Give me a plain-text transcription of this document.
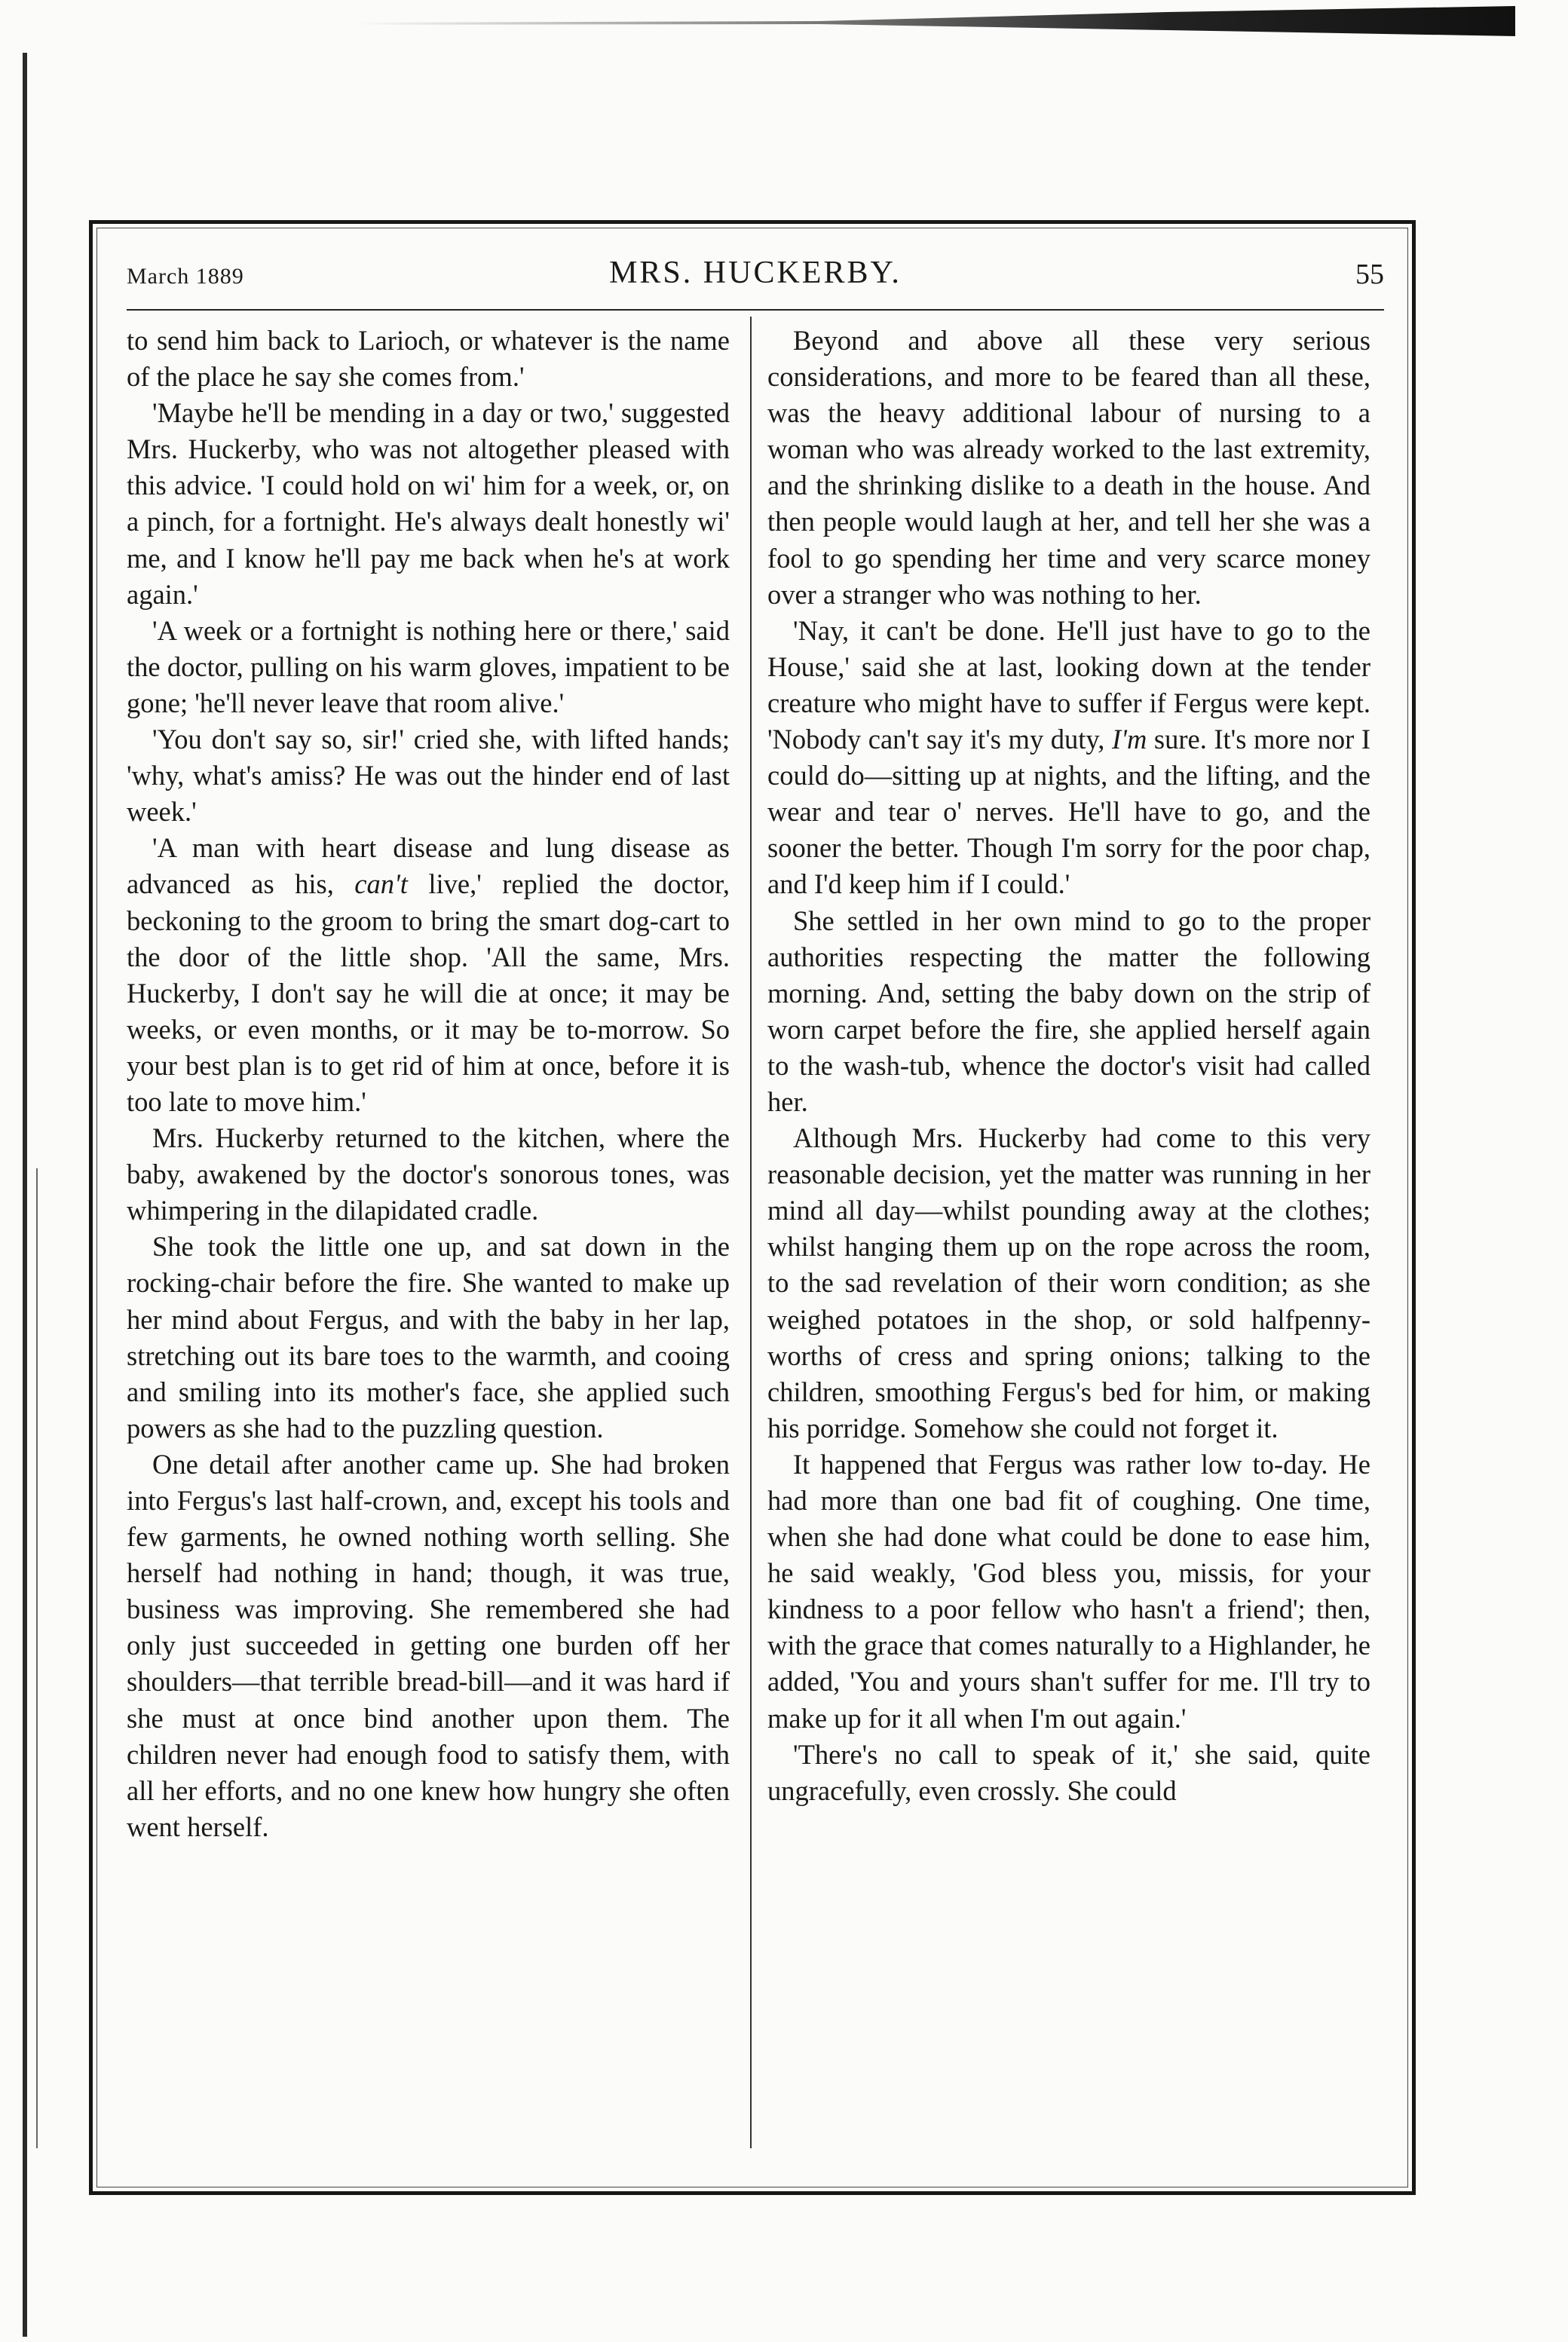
March 1889	MRS. HUCKERBY.	55

to send him back to Larioch, or whatever is the name of the place he say she comes from.'

'Maybe he'll be mending in a day or two,' suggested Mrs. Huckerby, who was not altogether pleased with this advice. 'I could hold on wi' him for a week, or, on a pinch, for a fortnight. He's always dealt honestly wi' me, and I know he'll pay me back when he's at work again.'

'A week or a fortnight is nothing here or there,' said the doctor, pulling on his warm gloves, impatient to be gone; 'he'll never leave that room alive.'

'You don't say so, sir!' cried she, with lifted hands; 'why, what's amiss? He was out the hinder end of last week.'

'A man with heart disease and lung disease as advanced as his, can't live,' replied the doctor, beckoning to the groom to bring the smart dog-cart to the door of the little shop. 'All the same, Mrs. Huckerby, I don't say he will die at once; it may be weeks, or even months, or it may be to-morrow. So your best plan is to get rid of him at once, before it is too late to move him.'

Mrs. Huckerby returned to the kitchen, where the baby, awakened by the doctor's sonorous tones, was whimpering in the dilapidated cradle.

She took the little one up, and sat down in the rocking-chair before the fire. She wanted to make up her mind about Fergus, and with the baby in her lap, stretching out its bare toes to the warmth, and cooing and smiling into its mother's face, she applied such powers as she had to the puzzling question.

One detail after another came up. She had broken into Fergus's last half-crown, and, except his tools and few garments, he owned nothing worth selling. She herself had nothing in hand; though, it was true, business was improving. She remembered she had only just succeeded in getting one burden off her shoulders—that terrible bread-bill—and it was hard if she must at once bind another upon them. The children never had enough food to satisfy them, with all her efforts, and no one knew how hungry she often went herself.

Beyond and above all these very serious considerations, and more to be feared than all these, was the heavy additional labour of nursing to a woman who was already worked to the last extremity, and the shrinking dislike to a death in the house. And then people would laugh at her, and tell her she was a fool to go spending her time and very scarce money over a stranger who was nothing to her.

'Nay, it can't be done. He'll just have to go to the House,' said she at last, looking down at the tender creature who might have to suffer if Fergus were kept. 'Nobody can't say it's my duty, I'm sure. It's more nor I could do—sitting up at nights, and the lifting, and the wear and tear o' nerves. He'll have to go, and the sooner the better. Though I'm sorry for the poor chap, and I'd keep him if I could.'

She settled in her own mind to go to the proper authorities respecting the matter the following morning. And, setting the baby down on the strip of worn carpet before the fire, she applied herself again to the wash-tub, whence the doctor's visit had called her.

Although Mrs. Huckerby had come to this very reasonable decision, yet the matter was running in her mind all day—whilst pounding away at the clothes; whilst hanging them up on the rope across the room, to the sad revelation of their worn condition; as she weighed potatoes in the shop, or sold halfpenny-worths of cress and spring onions; talking to the children, smoothing Fergus's bed for him, or making his porridge. Somehow she could not forget it.

It happened that Fergus was rather low to-day. He had more than one bad fit of coughing. One time, when she had done what could be done to ease him, he said weakly, 'God bless you, missis, for your kindness to a poor fellow who hasn't a friend'; then, with the grace that comes naturally to a Highlander, he added, 'You and yours shan't suffer for me. I'll try to make up for it all when I'm out again.'

'There's no call to speak of it,' she said, quite ungracefully, even crossly. She could
